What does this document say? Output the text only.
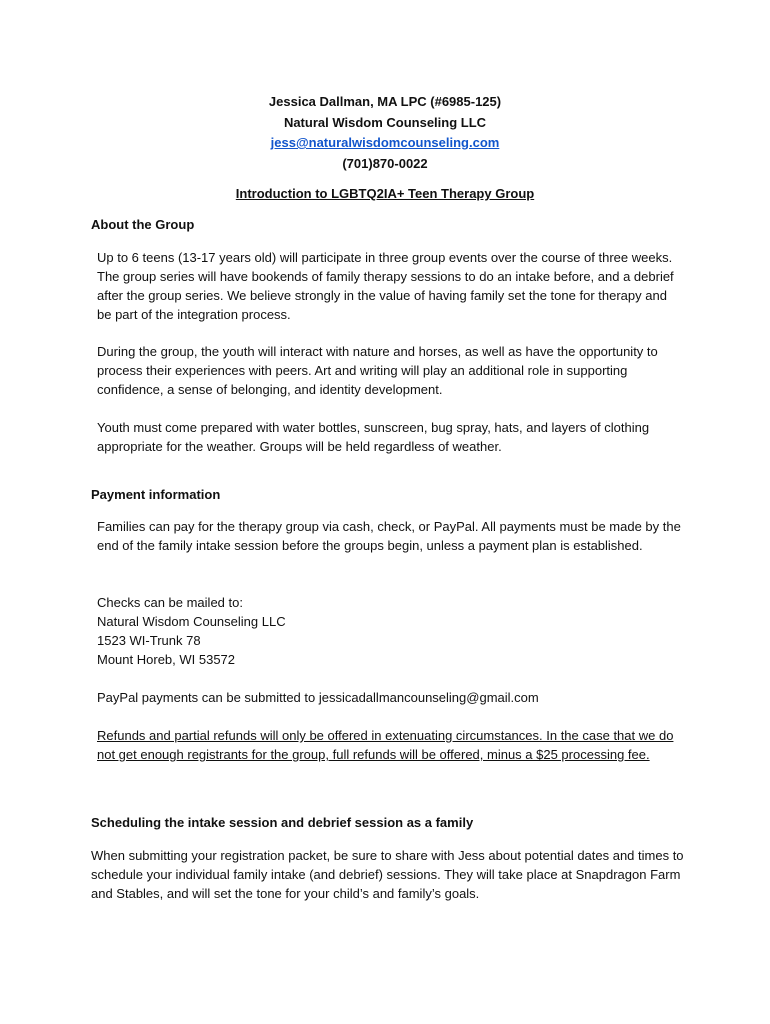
Jessica Dallman, MA LPC (#6985-125)
Natural Wisdom Counseling LLC
jess@naturalwisdomcounseling.com
(701)870-0022
Introduction to LGBTQ2IA+ Teen Therapy Group
About the Group

Up to 6 teens (13-17 years old) will participate in three group events over the course of three weeks. The group series will have bookends of family therapy sessions to do an intake before, and a debrief after the group series. We believe strongly in the value of having family set the tone for therapy and be part of the integration process.

During the group, the youth will interact with nature and horses, as well as have the opportunity to process their experiences with peers. Art and writing will play an additional role in supporting confidence, a sense of belonging, and identity development.

Youth must come prepared with water bottles, sunscreen, bug spray, hats, and layers of clothing appropriate for the weather. Groups will be held regardless of weather.

Payment information

Families can pay for the therapy group via cash, check, or PayPal. All payments must be made by the end of the family intake session before the groups begin, unless a payment plan is established.

Checks can be mailed to:
Natural Wisdom Counseling LLC
1523 WI-Trunk 78
Mount Horeb, WI 53572

PayPal payments can be submitted to jessicadallmancounseling@gmail.com

Refunds and partial refunds will only be offered in extenuating circumstances. In the case that we do not get enough registrants for the group, full refunds will be offered, minus a $25 processing fee.

Scheduling the intake session and debrief session as a family

When submitting your registration packet, be sure to share with Jess about potential dates and times to schedule your individual family intake (and debrief) sessions. They will take place at Snapdragon Farm and Stables, and will set the tone for your child’s and family’s goals.
